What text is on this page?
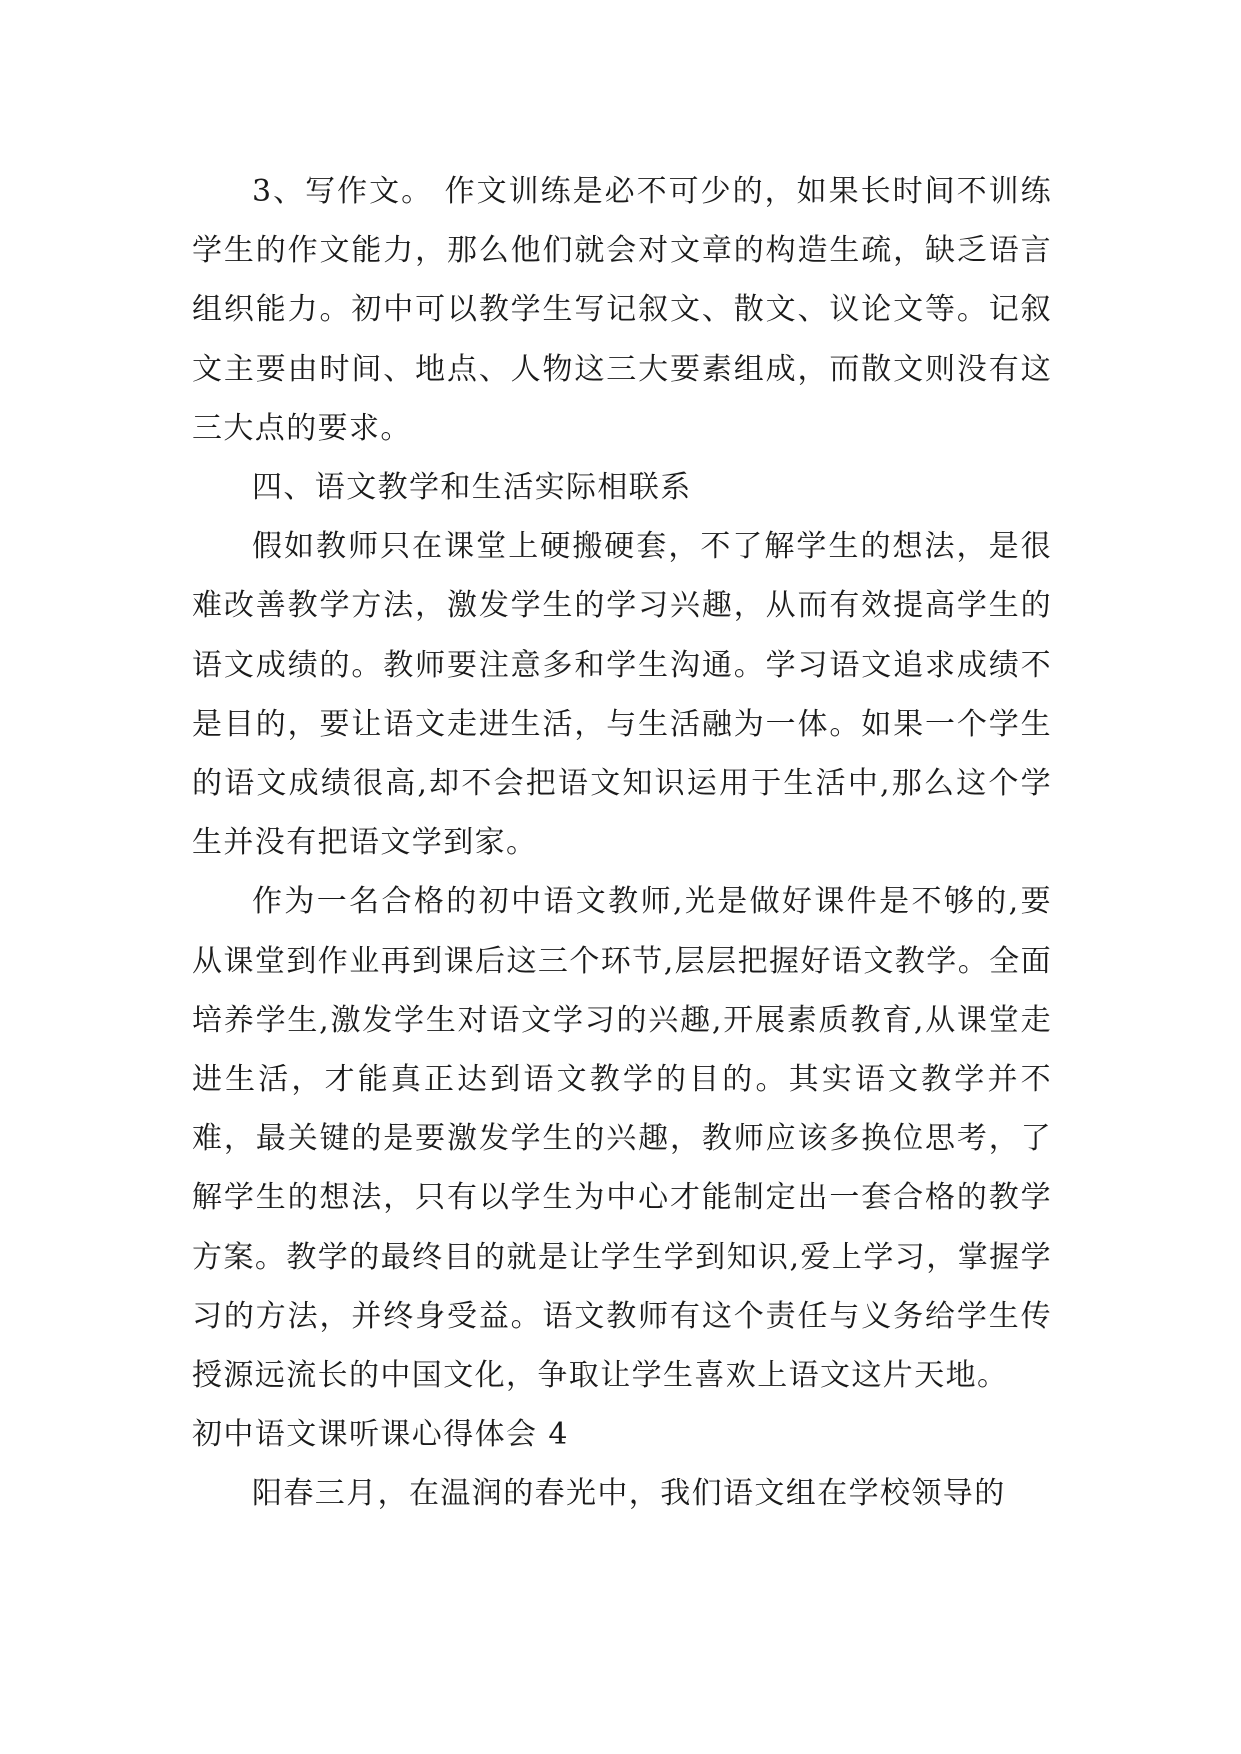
3、写作文。 作文训练是必不可少的，如果长时间不训练学生的作文能力，那么他们就会对文章的构造生疏，缺乏语言组织能力。初中可以教学生写记叙文、散文、议论文等。记叙文主要由时间、地点、人物这三大要素组成，而散文则没有这三大点的要求。

四、语文教学和生活实际相联系

假如教师只在课堂上硬搬硬套，不了解学生的想法，是很难改善教学方法，激发学生的学习兴趣，从而有效提高学生的语文成绩的。教师要注意多和学生沟通。学习语文追求成绩不是目的，要让语文走进生活，与生活融为一体。如果一个学生的语文成绩很高,却不会把语文知识运用于生活中,那么这个学生并没有把语文学到家。

作为一名合格的初中语文教师,光是做好课件是不够的,要从课堂到作业再到课后这三个环节,层层把握好语文教学。全面培养学生,激发学生对语文学习的兴趣,开展素质教育,从课堂走进生活，才能真正达到语文教学的目的。其实语文教学并不难，最关键的是要激发学生的兴趣，教师应该多换位思考，了解学生的想法，只有以学生为中心才能制定出一套合格的教学方案。教学的最终目的就是让学生学到知识,爱上学习，掌握学习的方法，并终身受益。语文教师有这个责任与义务给学生传授源远流长的中国文化，争取让学生喜欢上语文这片天地。

初中语文课听课心得体会 4

阳春三月，在温润的春光中，我们语文组在学校领导的
